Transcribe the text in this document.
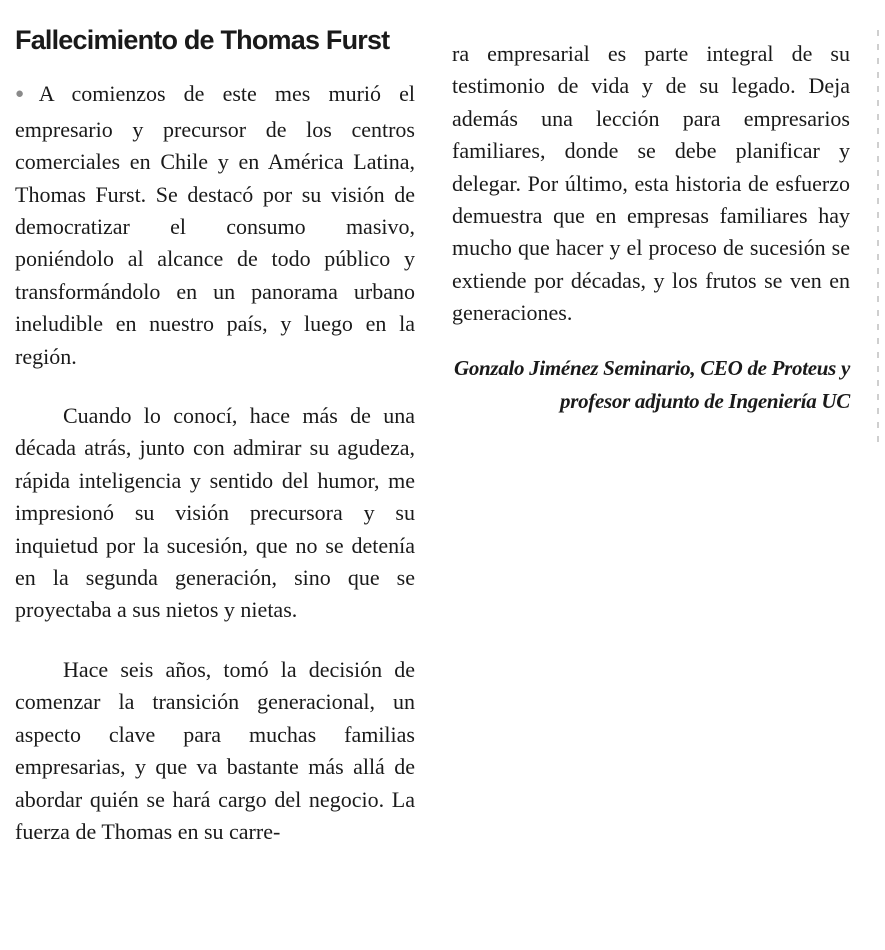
Fallecimiento de Thomas Furst

●A comienzos de este mes murió el empresario y precursor de los centros comerciales en Chile y en América Latina, Thomas Furst. Se destacó por su visión de democratizar el consumo masivo, poniéndolo al alcance de todo público y transformándolo en un panorama urbano ineludible en nuestro país, y luego en la región.

Cuando lo conocí, hace más de una década atrás, junto con admirar su agudeza, rápida inteligencia y sentido del humor, me impresionó su visión precursora y su inquietud por la sucesión, que no se detenía en la segunda generación, sino que se proyectaba a sus nietos y nietas.

Hace seis años, tomó la decisión de comenzar la transición generacional, un aspecto clave para muchas familias empresarias, y que va bastante más allá de abordar quién se hará cargo del negocio. La fuerza de Thomas en su carre-

ra empresarial es parte integral de su testimonio de vida y de su legado. Deja además una lección para empresarios familiares, donde se debe planificar y delegar. Por último, esta historia de esfuerzo demuestra que en empresas familiares hay mucho que hacer y el proceso de sucesión se extiende por décadas, y los frutos se ven en generaciones.

Gonzalo Jiménez Seminario, CEO de Proteus y profesor adjunto de Ingeniería UC
